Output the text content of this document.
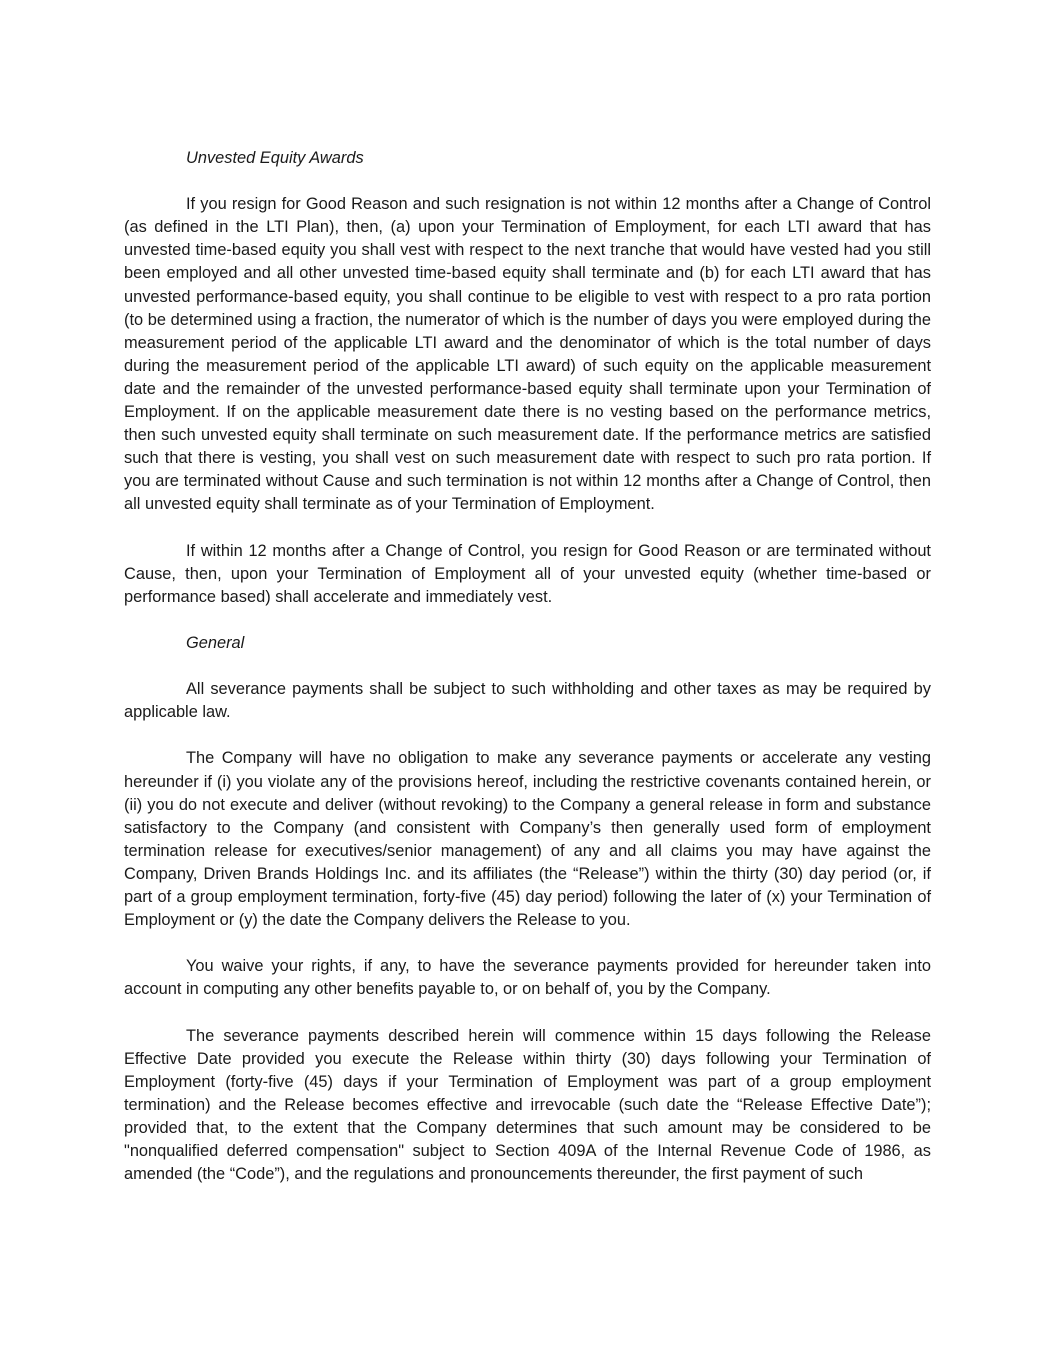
Unvested Equity Awards

If you resign for Good Reason and such resignation is not within 12 months after a Change of Control (as defined in the LTI Plan), then, (a) upon your Termination of Employment, for each LTI award that has unvested time-based equity you shall vest with respect to the next tranche that would have vested had you still been employed and all other unvested time-based equity shall terminate and (b) for each LTI award that has unvested performance-based equity, you shall continue to be eligible to vest with respect to a pro rata portion (to be determined using a fraction, the numerator of which is the number of days you were employed during the measurement period of the applicable LTI award and the denominator of which is the total number of days during the measurement period of the applicable LTI award) of such equity on the applicable measurement date and the remainder of the unvested performance-based equity shall terminate upon your Termination of Employment. If on the applicable measurement date there is no vesting based on the performance metrics, then such unvested equity shall terminate on such measurement date. If the performance metrics are satisfied such that there is vesting, you shall vest on such measurement date with respect to such pro rata portion. If you are terminated without Cause and such termination is not within 12 months after a Change of Control, then all unvested equity shall terminate as of your Termination of Employment.

If within 12 months after a Change of Control, you resign for Good Reason or are terminated without Cause, then, upon your Termination of Employment all of your unvested equity (whether time-based or performance based) shall accelerate and immediately vest.

General

All severance payments shall be subject to such withholding and other taxes as may be required by applicable law.

The Company will have no obligation to make any severance payments or accelerate any vesting hereunder if (i) you violate any of the provisions hereof, including the restrictive covenants contained herein, or (ii) you do not execute and deliver (without revoking) to the Company a general release in form and substance satisfactory to the Company (and consistent with Company’s then generally used form of employment termination release for executives/senior management) of any and all claims you may have against the Company, Driven Brands Holdings Inc. and its affiliates (the “Release”) within the thirty (30) day period (or, if part of a group employment termination, forty-five (45) day period) following the later of (x) your Termination of Employment or (y) the date the Company delivers the Release to you.

You waive your rights, if any, to have the severance payments provided for hereunder taken into account in computing any other benefits payable to, or on behalf of, you by the Company.

The severance payments described herein will commence within 15 days following the Release Effective Date provided you execute the Release within thirty (30) days following your Termination of Employment (forty-five (45) days if your Termination of Employment was part of a group employment termination) and the Release becomes effective and irrevocable (such date the “Release Effective Date”); provided that, to the extent that the Company determines that such amount may be considered to be "nonqualified deferred compensation" subject to Section 409A of the Internal Revenue Code of 1986, as amended (the “Code”), and the regulations and pronouncements thereunder, the first payment of such
